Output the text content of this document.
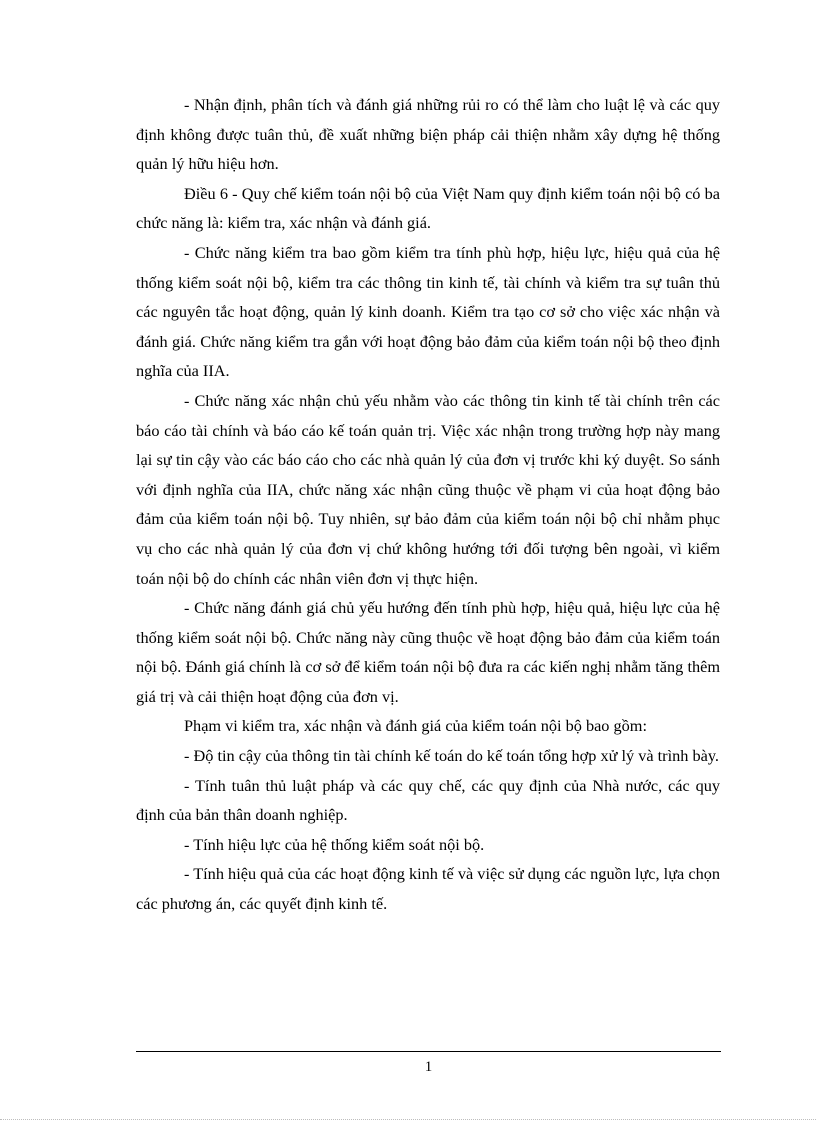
- Nhận định, phân tích và đánh giá những rủi ro có thể làm cho luật lệ và các quy định không được tuân thủ, đề xuất những biện pháp cải thiện nhằm xây dựng hệ thống quản lý hữu hiệu hơn.

Điều 6 - Quy chế kiểm toán nội bộ của Việt Nam quy định kiểm toán nội bộ có ba chức năng là: kiểm tra, xác nhận và đánh giá.

- Chức năng kiểm tra bao gồm kiểm tra tính phù hợp, hiệu lực, hiệu quả của hệ thống kiểm soát nội bộ, kiểm tra các thông tin kinh tế, tài chính và kiểm tra sự tuân thủ các nguyên tắc hoạt động, quản lý kinh doanh. Kiểm tra tạo cơ sở cho việc xác nhận và đánh giá. Chức năng kiểm tra gắn với hoạt động bảo đảm của kiểm toán nội bộ theo định nghĩa của IIA.

- Chức năng xác nhận chủ yếu nhằm vào các thông tin kinh tế tài chính trên các báo cáo tài chính và báo cáo kế toán quản trị. Việc xác nhận trong trường hợp này mang lại sự tin cậy vào các báo cáo cho các nhà quản lý của đơn vị trước khi ký duyệt. So sánh với định nghĩa của IIA, chức năng xác nhận cũng thuộc về phạm vi của hoạt động bảo đảm của kiểm toán nội bộ. Tuy nhiên, sự bảo đảm của kiểm toán nội bộ chỉ nhằm phục vụ cho các nhà quản lý của đơn vị chứ không hướng tới đối tượng bên ngoài, vì kiểm toán nội bộ do chính các nhân viên đơn vị thực hiện.

- Chức năng đánh giá chủ yếu hướng đến tính phù hợp, hiệu quả, hiệu lực của hệ thống kiểm soát nội bộ. Chức năng này cũng thuộc về hoạt động bảo đảm của kiểm toán nội bộ. Đánh giá chính là cơ sở để kiểm toán nội bộ đưa ra các kiến nghị nhằm tăng thêm giá trị và cải thiện hoạt động của đơn vị.

Phạm vi kiểm tra, xác nhận và đánh giá của kiểm toán nội bộ bao gồm:

- Độ tin cậy của thông tin tài chính kế toán do kế toán tổng hợp xử lý và trình bày.

- Tính tuân thủ luật pháp và các quy chế, các quy định của Nhà nước, các quy định của bản thân doanh nghiệp.

- Tính hiệu lực của hệ thống kiểm soát nội bộ.

- Tính hiệu quả của các hoạt động kinh tế và việc sử dụng các nguồn lực, lựa chọn các phương án, các quyết định kinh tế.

1
